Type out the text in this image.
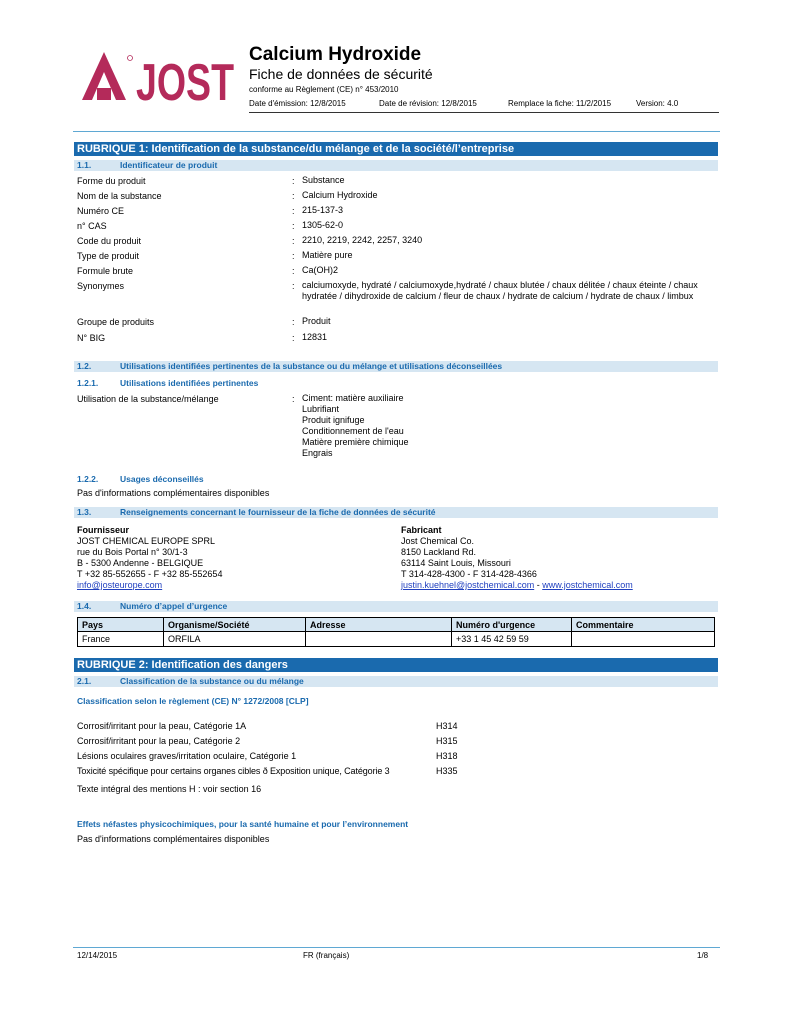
JOST Calcium Hydroxide
Fiche de données de sécurité
conforme au Règlement (CE) n° 453/2010
Date d'émission: 12/8/2015	Date de révision: 12/8/2015	Remplace la fiche: 11/2/2015	Version: 4.0
RUBRIQUE 1: Identification de la substance/du mélange et de la société/l’entreprise
1.1.	Identificateur de produit
Forme du produit	: Substance
Nom de la substance	: Calcium Hydroxide
Numéro CE	: 215-137-3
n° CAS	: 1305-62-0
Code du produit	: 2210, 2219, 2242, 2257, 3240
Type de produit	: Matière pure
Formule brute	: Ca(OH)2
Synonymes	: calciumoxyde, hydraté / calciumoxyde,hydraté / chaux blutée / chaux délitée / chaux éteinte / chaux hydratée / dihydroxide de calcium / fleur de chaux / hydrate de calcium / hydrate de chaux / limbux
Groupe de produits	: Produit
N° BIG	: 12831
1.2.	Utilisations identifiées pertinentes de la substance ou du mélange et utilisations déconseillées
1.2.1.	Utilisations identifiées pertinentes
Utilisation de la substance/mélange	: Ciment: matière auxiliaire
Lubrifiant
Produit ignifuge
Conditionnement de l'eau
Matière première chimique
Engrais
1.2.2.	Usages déconseillés
Pas d'informations complémentaires disponibles
1.3.	Renseignements concernant le fournisseur de la fiche de données de sécurité
Fournisseur
JOST CHEMICAL EUROPE SPRL
rue du Bois Portal n° 30/1-3
B - 5300 Andenne - BELGIQUE
T +32 85-552655 - F +32 85-552654
info@josteurope.com
Fabricant
Jost Chemical Co.
8150 Lackland Rd.
63114 Saint Louis, Missouri
T 314-428-4300 - F 314-428-4366
justin.kuehnel@jostchemical.com - www.jostchemical.com
1.4.	Numéro d’appel d’urgence
Pays	Organisme/Société	Adresse	Numéro d'urgence	Commentaire
France	ORFILA		+33 1 45 42 59 59	
RUBRIQUE 2: Identification des dangers
2.1.	Classification de la substance ou du mélange
Classification selon le règlement (CE) N° 1272/2008 [CLP]
Corrosif/irritant pour la peau, Catégorie 1A	H314
Corrosif/irritant pour la peau, Catégorie 2	H315
Lésions oculaires graves/irritation oculaire, Catégorie 1	H318
Toxicité spécifique pour certains organes cibles ð Exposition unique, Catégorie 3	H335
Texte intégral des mentions H : voir section 16
Effets néfastes physicochimiques, pour la santé humaine et pour l’environnement
Pas d'informations complémentaires disponibles
12/14/2015	FR (français)	1/8
